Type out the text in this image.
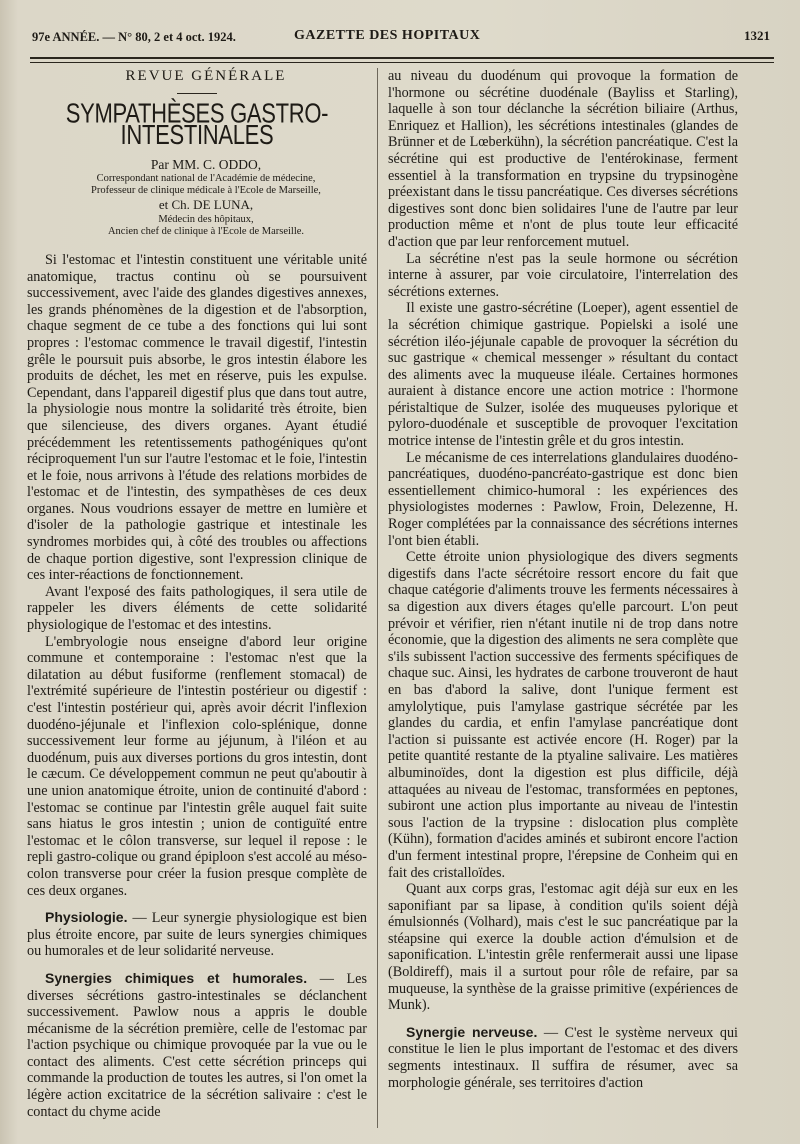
97e ANNÉE. — N° 80, 2 et 4 oct. 1924.	GAZETTE DES HOPITAUX	1321

REVUE GÉNÉRALE

SYMPATHÈSES GASTRO-INTESTINALES

Par MM. C. ODDO,

Correspondant national de l'Académie de médecine,

Professeur de clinique médicale à l'Ecole de Marseille,

et Ch. DE LUNA,

Médecin des hôpitaux,

Ancien chef de clinique à l'Ecole de Marseille.

Si l'estomac et l'intestin constituent une véritable unité anatomique, tractus continu où se poursuivent successivement, avec l'aide des glandes digestives annexes, les grands phénomènes de la digestion et de l'absorption, chaque segment de ce tube a des fonctions qui lui sont propres : l'estomac commence le travail digestif, l'intestin grêle le poursuit puis absorbe, le gros intestin élabore les produits de déchet, les met en réserve, puis les expulse. Cependant, dans l'appareil digestif plus que dans tout autre, la physiologie nous montre la solidarité très étroite, bien que silencieuse, des divers organes. Ayant étudié précédemment les retentissements pathogéniques qu'ont réciproquement l'un sur l'autre l'estomac et le foie, l'intestin et le foie, nous arrivons à l'étude des relations morbides de l'estomac et de l'intestin, des sympathèses de ces deux organes. Nous voudrions essayer de mettre en lumière et d'isoler de la pathologie gastrique et intestinale les syndromes morbides qui, à côté des troubles ou affections de chaque portion digestive, sont l'expression clinique de ces inter-réactions de fonctionnement.

Avant l'exposé des faits pathologiques, il sera utile de rappeler les divers éléments de cette solidarité physiologique de l'estomac et des intestins.

L'embryologie nous enseigne d'abord leur origine commune et contemporaine : l'estomac n'est que la dilatation au début fusiforme (renflement stomacal) de l'extrémité supérieure de l'intestin postérieur ou digestif : c'est l'intestin postérieur qui, après avoir décrit l'inflexion duodéno-jéjunale et l'inflexion colo-splénique, donne successivement leur forme au jéjunum, à l'iléon et au duodénum, puis aux diverses portions du gros intestin, dont le cæcum. Ce développement commun ne peut qu'aboutir à une union anatomique étroite, union de continuité d'abord : l'estomac se continue par l'intestin grêle auquel fait suite sans hiatus le gros intestin ; union de contiguïté entre l'estomac et le côlon transverse, sur lequel il repose : le repli gastro-colique ou grand épiploon s'est accolé au méso-colon transverse pour créer la fusion presque complète de ces deux organes.

Physiologie. — Leur synergie physiologique est bien plus étroite encore, par suite de leurs synergies chimiques ou humorales et de leur solidarité nerveuse.

Synergies chimiques et humorales. — Les diverses sécrétions gastro-intestinales se déclanchent successivement. Pawlow nous a appris le double mécanisme de la sécrétion première, celle de l'estomac par l'action psychique ou chimique provoquée par la vue ou le contact des aliments. C'est cette sécrétion princeps qui commande la production de toutes les autres, si l'on omet la légère action excitatrice de la sécrétion salivaire : c'est le contact du chyme acide

au niveau du duodénum qui provoque la formation de l'hormone ou sécrétine duodénale (Bayliss et Starling), laquelle à son tour déclanche la sécrétion biliaire (Arthus, Enriquez et Hallion), les sécrétions intestinales (glandes de Brünner et de Lœberkühn), la sécrétion pancréatique. C'est la sécrétine qui est productive de l'entérokinase, ferment essentiel à la transformation en trypsine du trypsinogène préexistant dans le tissu pancréatique. Ces diverses sécrétions digestives sont donc bien solidaires l'une de l'autre par leur production même et n'ont de plus toute leur efficacité d'action que par leur renforcement mutuel.

La sécrétine n'est pas la seule hormone ou sécrétion interne à assurer, par voie circulatoire, l'interrelation des sécrétions externes.

Il existe une gastro-sécrétine (Loeper), agent essentiel de la sécrétion chimique gastrique. Popielski a isolé une sécrétion iléo-jéjunale capable de provoquer la sécrétion du suc gastrique « chemical messenger » résultant du contact des aliments avec la muqueuse iléale. Certaines hormones auraient à distance encore une action motrice : l'hormone péristaltique de Sulzer, isolée des muqueuses pylorique et pyloro-duodénale et susceptible de provoquer l'excitation motrice intense de l'intestin grêle et du gros intestin.

Le mécanisme de ces interrelations glandulaires duodéno-pancréatiques, duodéno-pancréato-gastrique est donc bien essentiellement chimico-humoral : les expériences des physiologistes modernes : Pawlow, Froin, Delezenne, H. Roger complétées par la connaissance des sécrétions internes l'ont bien établi.

Cette étroite union physiologique des divers segments digestifs dans l'acte sécrétoire ressort encore du fait que chaque catégorie d'aliments trouve les ferments nécessaires à sa digestion aux divers étages qu'elle parcourt. L'on peut prévoir et vérifier, rien n'étant inutile ni de trop dans notre économie, que la digestion des aliments ne sera complète que s'ils subissent l'action successive des ferments spécifiques de chaque suc. Ainsi, les hydrates de carbone trouveront de haut en bas d'abord la salive, dont l'unique ferment est amylolytique, puis l'amylase gastrique sécrétée par les glandes du cardia, et enfin l'amylase pancréatique dont l'action si puissante est activée encore (H. Roger) par la petite quantité restante de la ptyaline salivaire. Les matières albuminoïdes, dont la digestion est plus difficile, déjà attaquées au niveau de l'estomac, transformées en peptones, subiront une action plus importante au niveau de l'intestin sous l'action de la trypsine : dislocation plus complète (Kühn), formation d'acides aminés et subiront encore l'action d'un ferment intestinal propre, l'érepsine de Conheim qui en fait des cristalloïdes.

Quant aux corps gras, l'estomac agit déjà sur eux en les saponifiant par sa lipase, à condition qu'ils soient déjà émulsionnés (Volhard), mais c'est le suc pancréatique par la stéapsine qui exerce la double action d'émulsion et de saponification. L'intestin grêle renfermerait aussi une lipase (Boldireff), mais il a surtout pour rôle de refaire, par sa muqueuse, la synthèse de la graisse primitive (expériences de Munk).

Synergie nerveuse. — C'est le système nerveux qui constitue le lien le plus important de l'estomac et des divers segments intestinaux. Il suffira de résumer, avec sa morphologie générale, ses territoires d'action
